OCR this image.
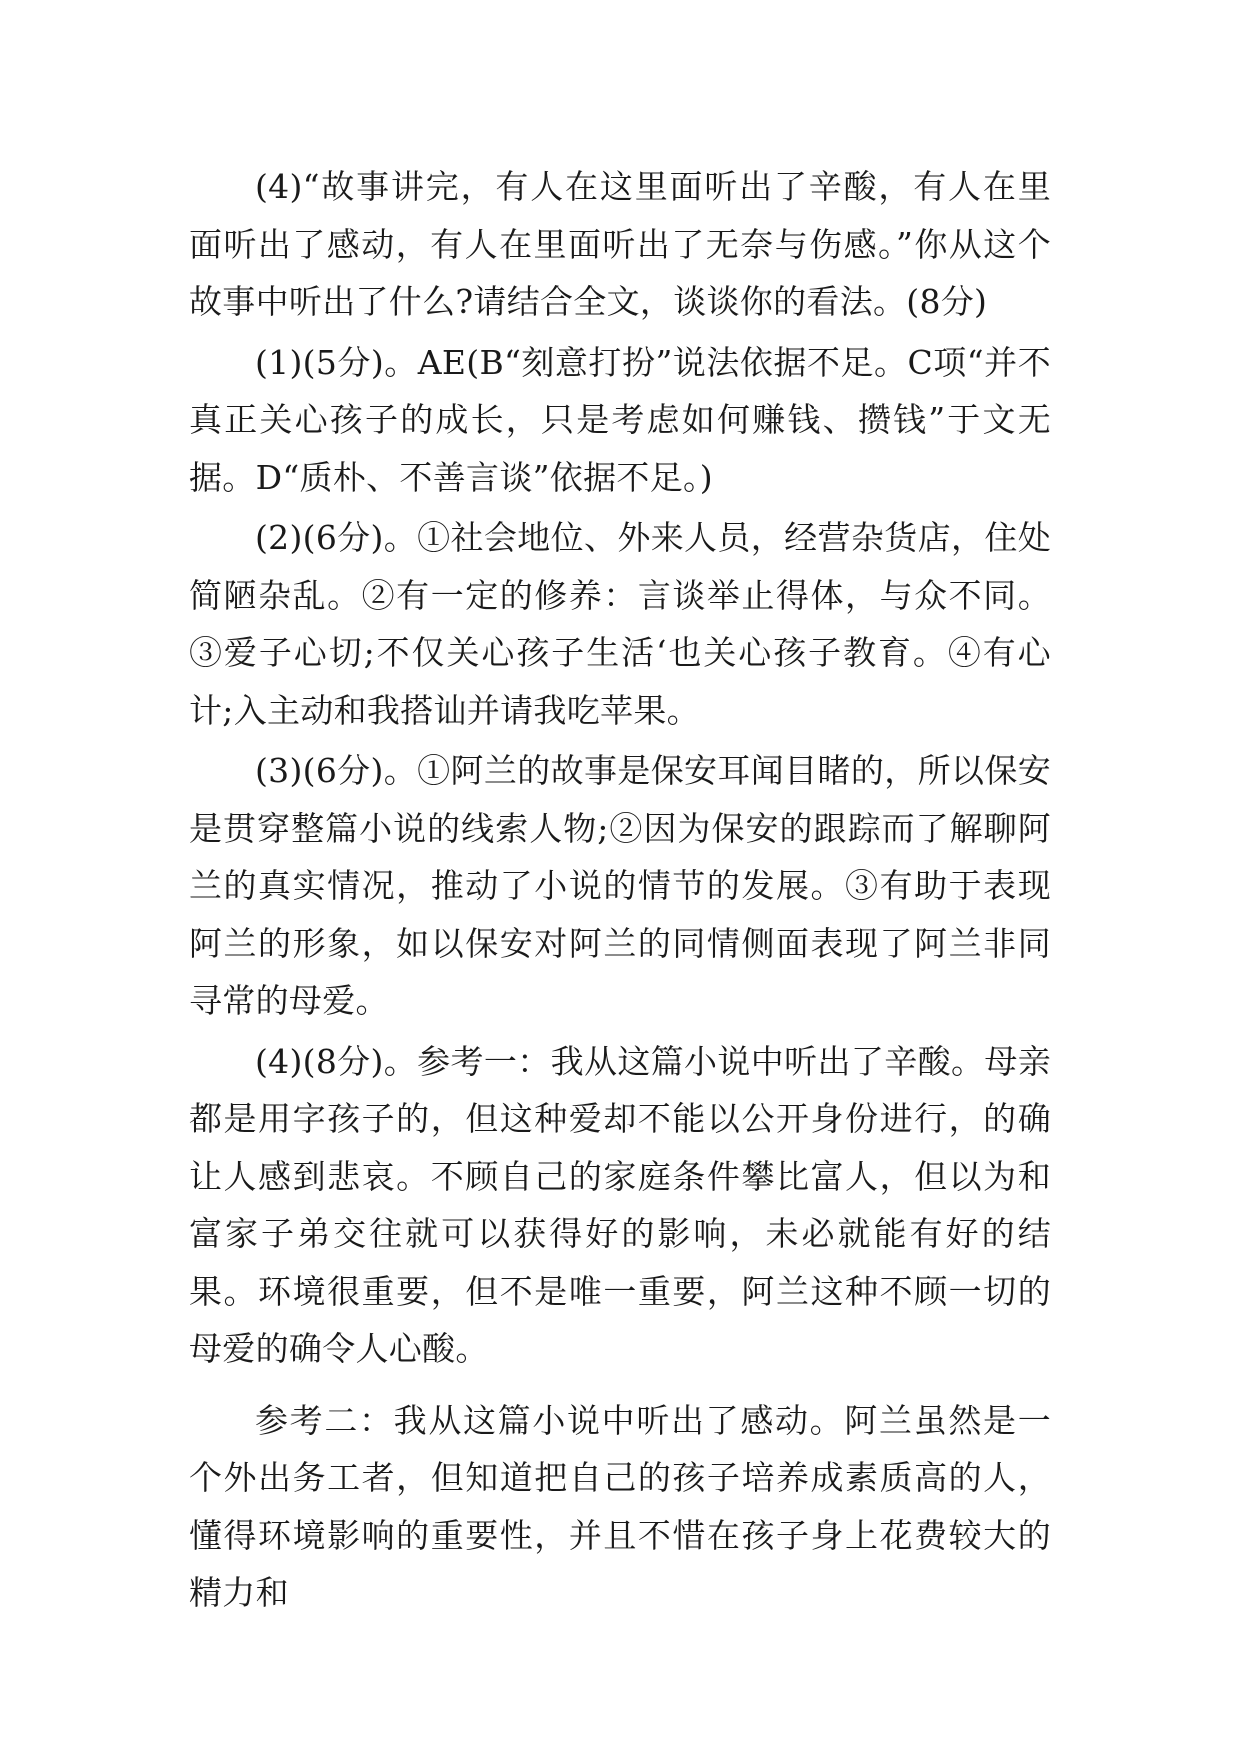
(4)“故事讲完，有人在这里面听出了辛酸，有人在里面听出了感动，有人在里面听出了无奈与伤感。”你从这个故事中听出了什么?请结合全文，谈谈你的看法。(8分)

(1)(5分)。AE(B“刻意打扮”说法依据不足。C项“并不真正关心孩子的成长，只是考虑如何赚钱、攒钱”于文无据。D“质朴、不善言谈”依据不足。)

(2)(6分)。①社会地位、外来人员，经营杂货店，住处简陋杂乱。②有一定的修养：言谈举止得体，与众不同。③爱子心切;不仅关心孩子生活‘也关心孩子教育。④有心计;入主动和我搭讪并请我吃苹果。

(3)(6分)。①阿兰的故事是保安耳闻目睹的，所以保安是贯穿整篇小说的线索人物;②因为保安的跟踪而了解聊阿兰的真实情况，推动了小说的情节的发展。③有助于表现阿兰的形象，如以保安对阿兰的同情侧面表现了阿兰非同寻常的母爱。

(4)(8分)。参考一：我从这篇小说中听出了辛酸。母亲都是用字孩子的，但这种爱却不能以公开身份进行，的确让人感到悲哀。不顾自己的家庭条件攀比富人，但以为和富家子弟交往就可以获得好的影响，未必就能有好的结果。环境很重要，但不是唯一重要，阿兰这种不顾一切的母爱的确令人心酸。

参考二：我从这篇小说中听出了感动。阿兰虽然是一个外出务工者，但知道把自己的孩子培养成素质高的人，懂得环境影响的重要性，并且不惜在孩子身上花费较大的精力和
